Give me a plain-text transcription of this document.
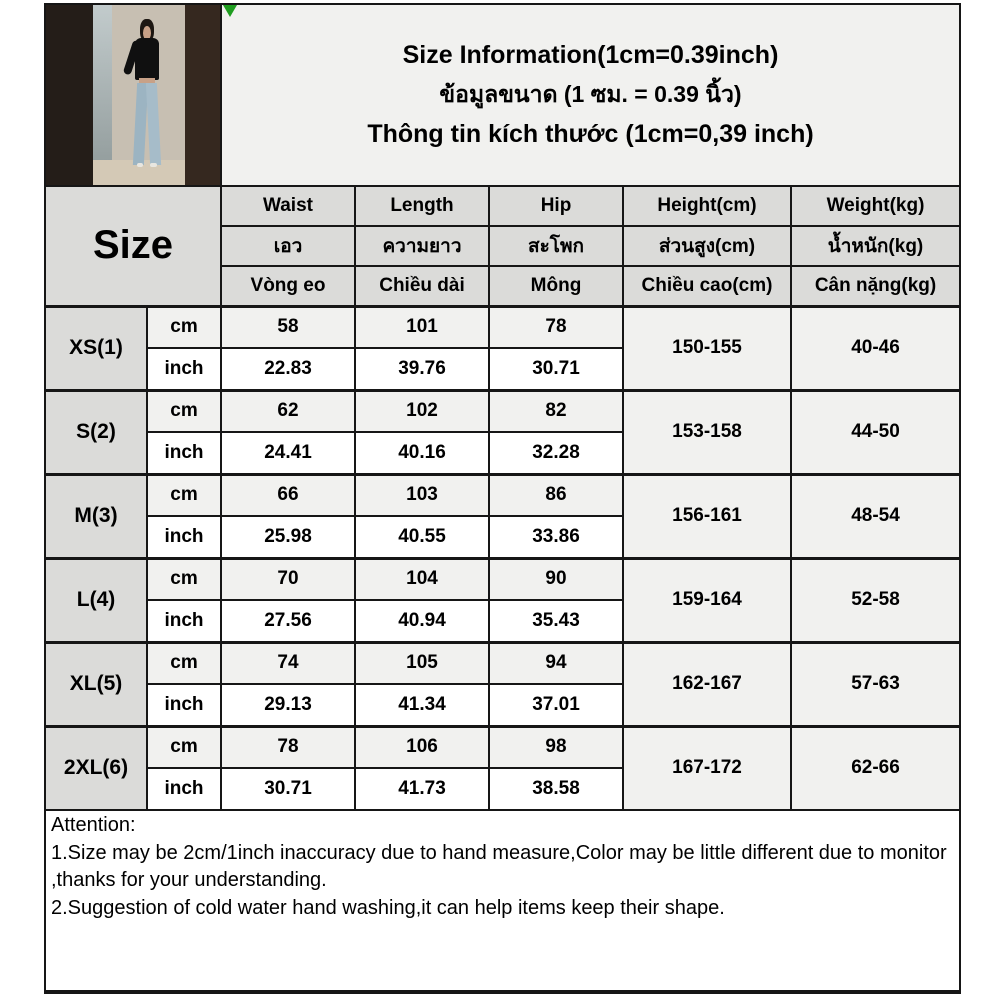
		Size Information(1cm=0.39inch)
ข้อมูลขนาด (1 ซม. = 0.39 นิ้ว)
Thông tin kích thước (1cm=0,39 inch)				

Size		Waist	Length	Hip	Height(cm)	Weight(kg)
		เอว	ความยาว	สะโพก	ส่วนสูง(cm)	น้ำหนัก(kg)
		Vòng eo	Chiều dài	Mông	Chiều cao(cm)	Cân nặng(kg)
XS(1)	cm	58	101	78	150-155	40-46
	inch	22.83	39.76	30.71		
S(2)	cm	62	102	82	153-158	44-50
	inch	24.41	40.16	32.28		
M(3)	cm	66	103	86	156-161	48-54
	inch	25.98	40.55	33.86		
L(4)	cm	70	104	90	159-164	52-58
	inch	27.56	40.94	35.43		
XL(5)	cm	74	105	94	162-167	57-63
	inch	29.13	41.34	37.01		
2XL(6)	cm	78	106	98	167-172	62-66
	inch	30.71	41.73	38.58		

Attention:
1.Size may be 2cm/1inch inaccuracy due to hand measure,Color may be little different due to monitor ,thanks for your understanding.
2.Suggestion of cold water hand washing,it can help items keep their shape.						
